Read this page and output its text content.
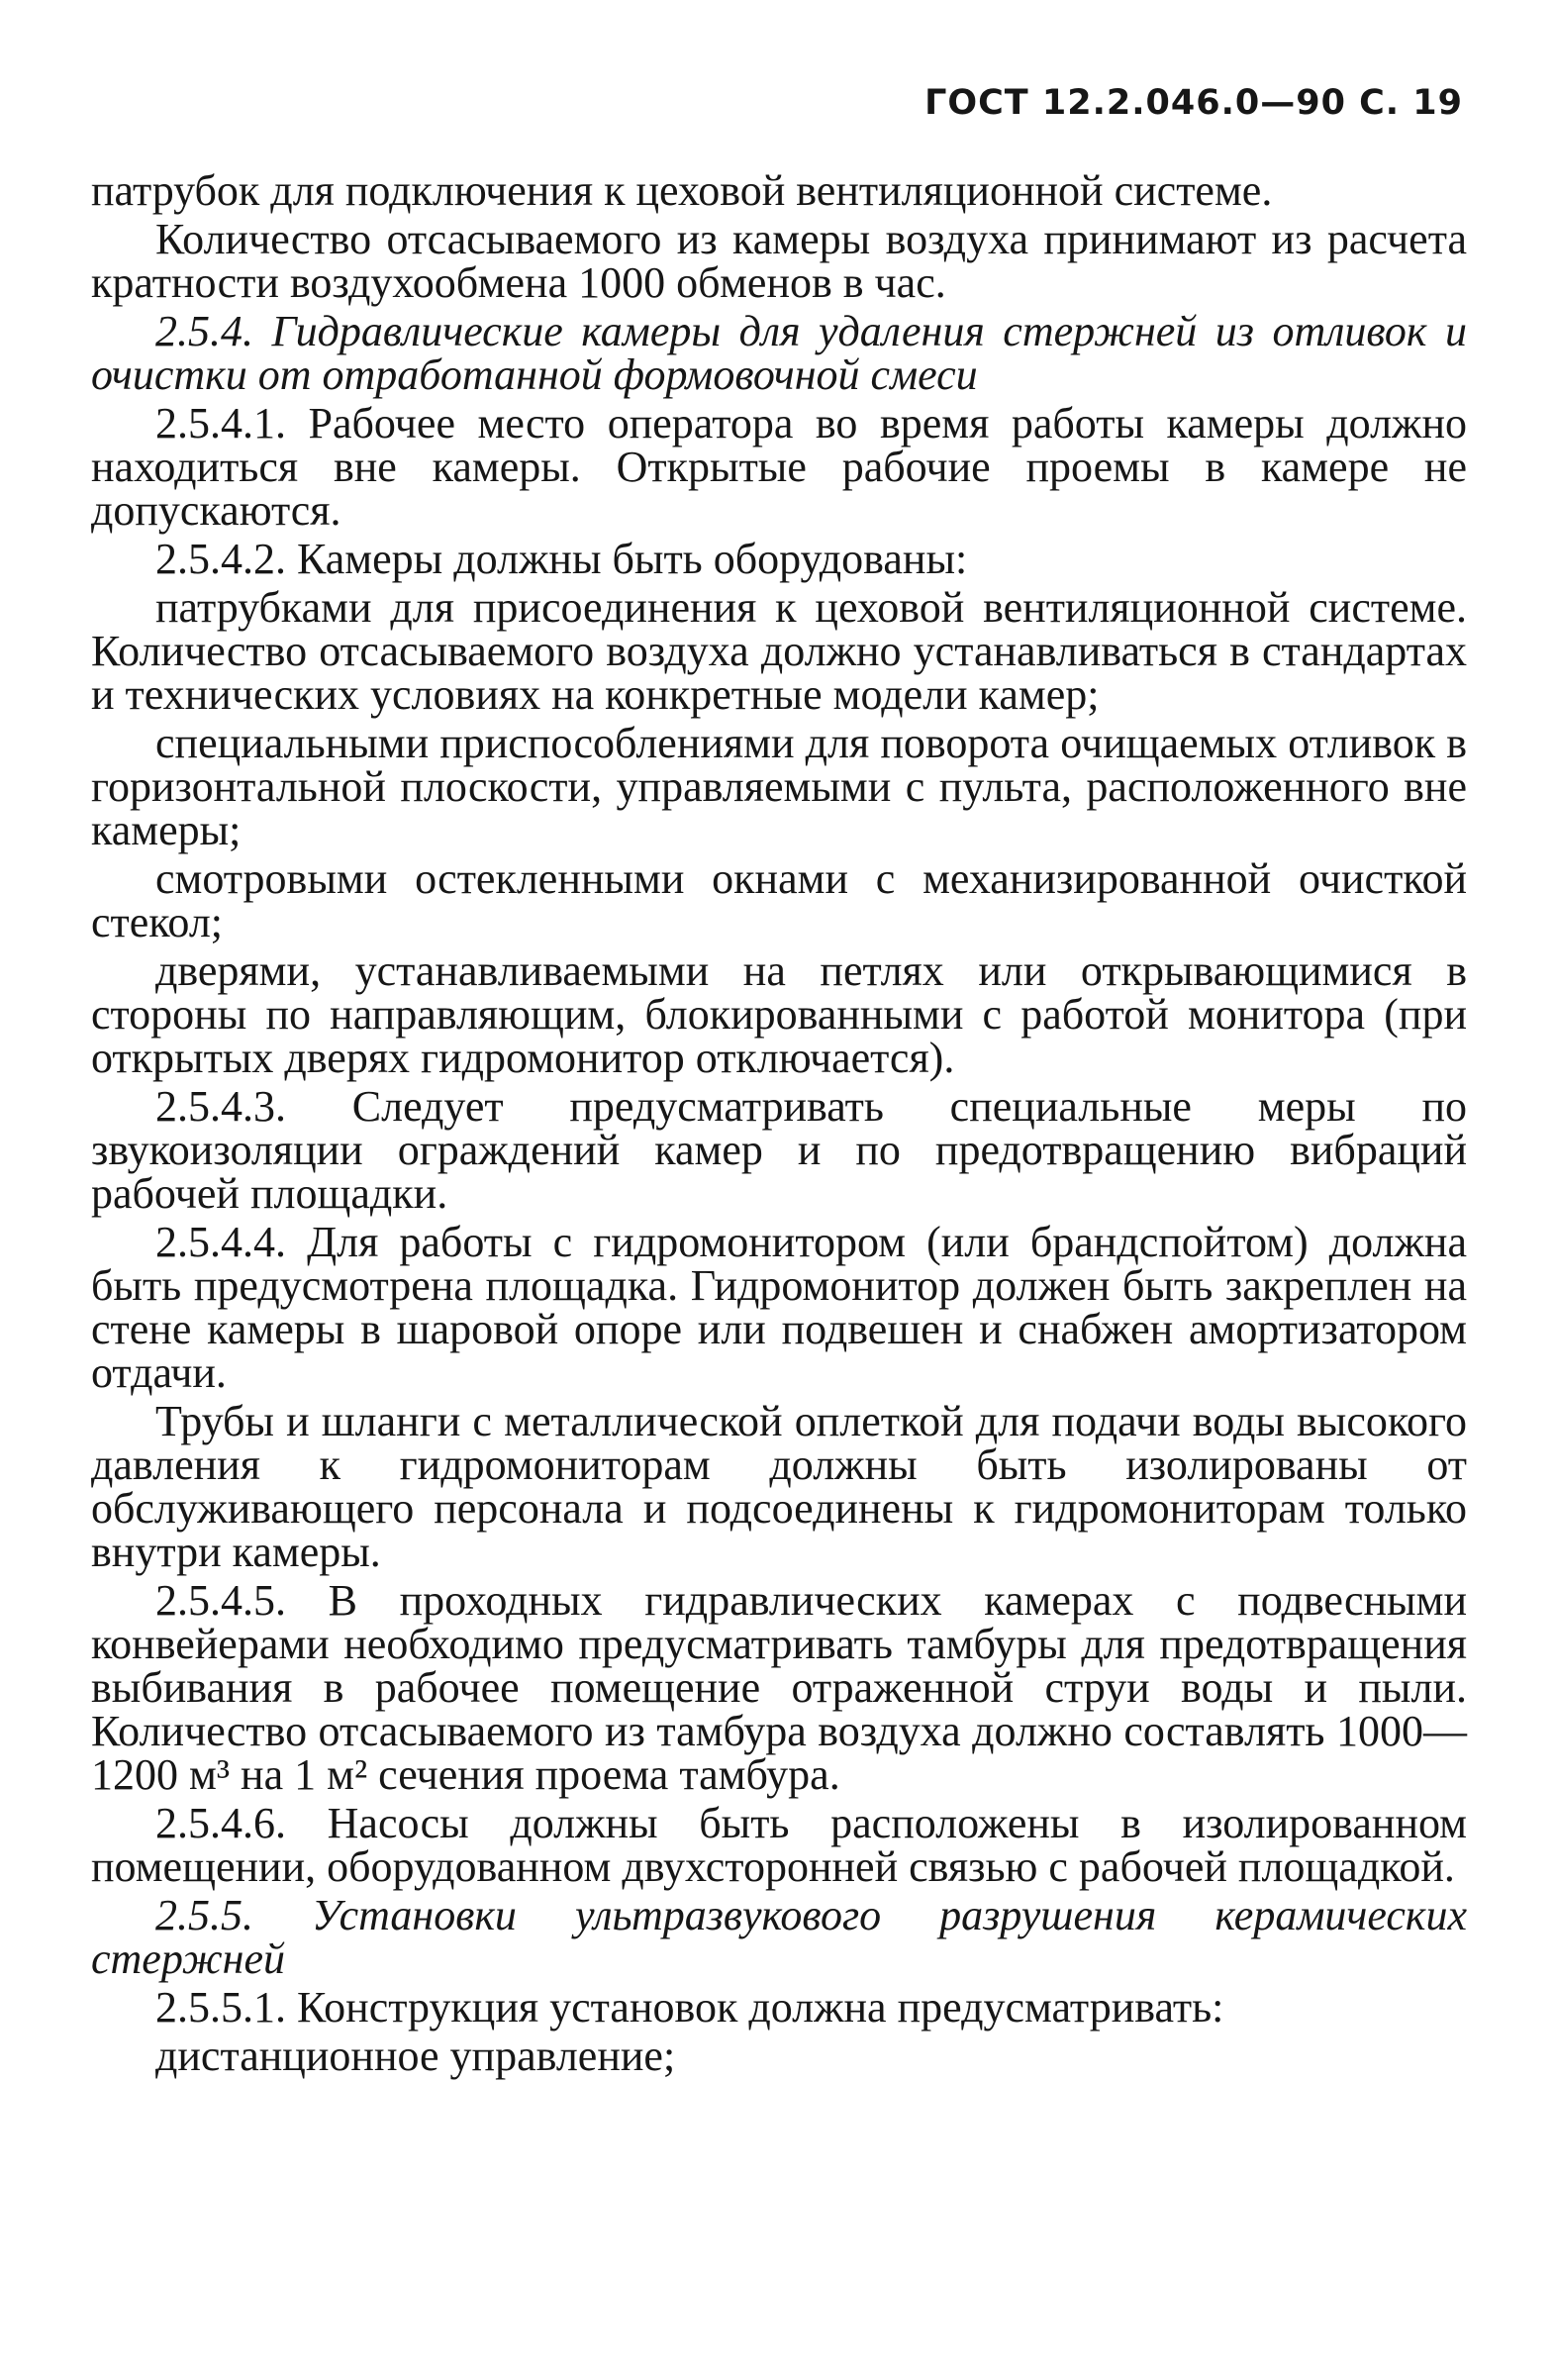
ГОСТ 12.2.046.0—90 С. 19

патрубок для подключения к цеховой вентиляционной системе.

Количество отсасываемого из камеры воздуха принимают из расчета кратности воздухообмена 1000 обменов в час.

2.5.4. Гидравлические камеры для удаления стержней из отливок и очистки от отработанной формовочной смеси

2.5.4.1. Рабочее место оператора во время работы камеры должно находиться вне камеры. Открытые рабочие проемы в камере не допускаются.

2.5.4.2. Камеры должны быть оборудованы:

патрубками для присоединения к цеховой вентиляционной системе. Количество отсасываемого воздуха должно устанавливаться в стандартах и технических условиях на конкретные модели камер;

специальными приспособлениями для поворота очищаемых отливок в горизонтальной плоскости, управляемыми с пульта, расположенного вне камеры;

смотровыми остекленными окнами с механизированной очисткой стекол;

дверями, устанавливаемыми на петлях или открывающимися в стороны по направляющим, блокированными с работой монитора (при открытых дверях гидромонитор отключается).

2.5.4.3. Следует предусматривать специальные меры по звукоизоляции ограждений камер и по предотвращению вибраций рабочей площадки.

2.5.4.4. Для работы с гидромонитором (или брандспойтом) должна быть предусмотрена площадка. Гидромонитор должен быть закреплен на стене камеры в шаровой опоре или подвешен и снабжен амортизатором отдачи.

Трубы и шланги с металлической оплеткой для подачи воды высокого давления к гидромониторам должны быть изолированы от обслуживающего персонала и подсоединены к гидромониторам только внутри камеры.

2.5.4.5. В проходных гидравлических камерах с подвесными конвейерами необходимо предусматривать тамбуры для предотвращения выбивания в рабочее помещение отраженной струи воды и пыли. Количество отсасываемого из тамбура воздуха должно составлять 1000—1200 м³ на 1 м² сечения проема тамбура.

2.5.4.6. Насосы должны быть расположены в изолированном помещении, оборудованном двухсторонней связью с рабочей площадкой.

2.5.5. Установки ультразвукового разрушения керамических стержней

2.5.5.1. Конструкция установок должна предусматривать:

дистанционное управление;
